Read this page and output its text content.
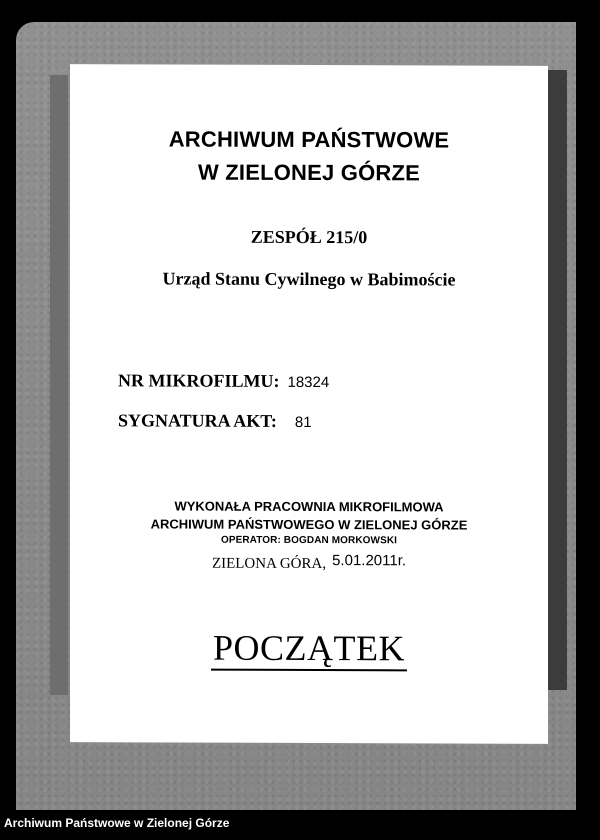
ARCHIWUM PAŃSTWOWE
W ZIELONEJ GÓRZE
ZESPÓŁ 215/0
Urząd Stanu Cywilnego w Babimoście
NR MIKROFILMU: 18324
SYGNATURA AKT: 81
WYKONAŁA PRACOWNIA MIKROFILMOWA
ARCHIWUM PAŃSTWOWEGO W ZIELONEJ GÓRZE
OPERATOR: BOGDAN MORKOWSKI
ZIELONA GÓRA, 5.01.2011r.
POCZĄTEK
Archiwum Państwowe w Zielonej Górze
